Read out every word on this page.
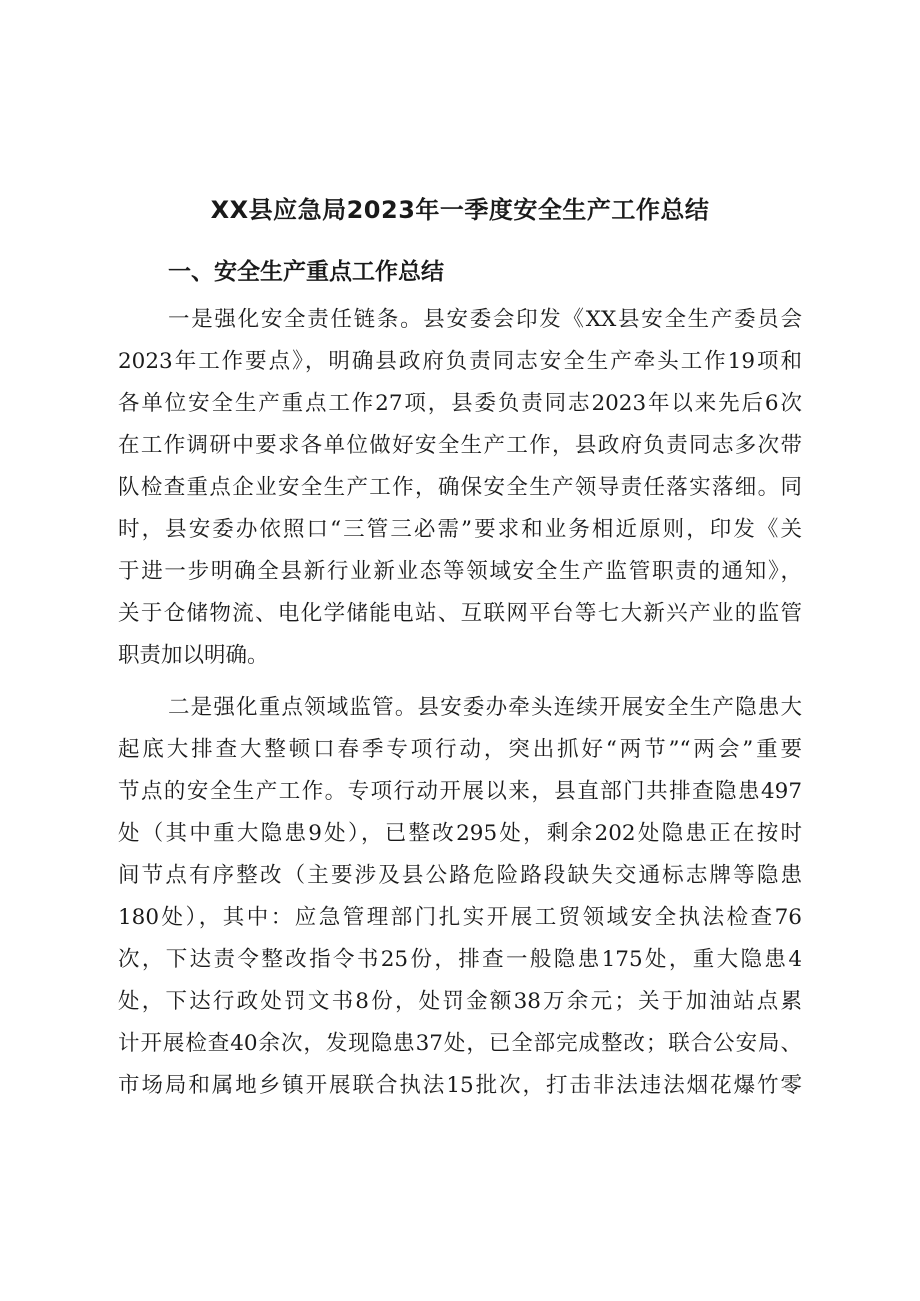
XX县应急局2023年一季度安全生产工作总结
一、安全生产重点工作总结
一是强化安全责任链条。县安委会印发《XX县安全生产委员会
2023年工作要点》，明确县政府负责同志安全生产牵头工作19项和
各单位安全生产重点工作27项，县委负责同志2023年以来先后6次
在工作调研中要求各单位做好安全生产工作，县政府负责同志多次带
队检查重点企业安全生产工作，确保安全生产领导责任落实落细。同
时，县安委办依照口“三管三必需”要求和业务相近原则，印发《关
于进一步明确全县新行业新业态等领域安全生产监管职责的通知》，
关于仓储物流、电化学储能电站、互联网平台等七大新兴产业的监管
职责加以明确。
二是强化重点领域监管。县安委办牵头连续开展安全生产隐患大
起底大排查大整顿口春季专项行动，突出抓好“两节”“两会”重要
节点的安全生产工作。专项行动开展以来，县直部门共排查隐患497
处（其中重大隐患9处），已整改295处，剩余202处隐患正在按时
间节点有序整改（主要涉及县公路危险路段缺失交通标志牌等隐患
180处），其中：应急管理部门扎实开展工贸领域安全执法检查76
次，下达责令整改指令书25份，排查一般隐患175处，重大隐患4
处，下达行政处罚文书8份，处罚金额38万余元；关于加油站点累
计开展检查40余次，发现隐患37处，已全部完成整改；联合公安局、
市场局和属地乡镇开展联合执法15批次，打击非法违法烟花爆竹零
